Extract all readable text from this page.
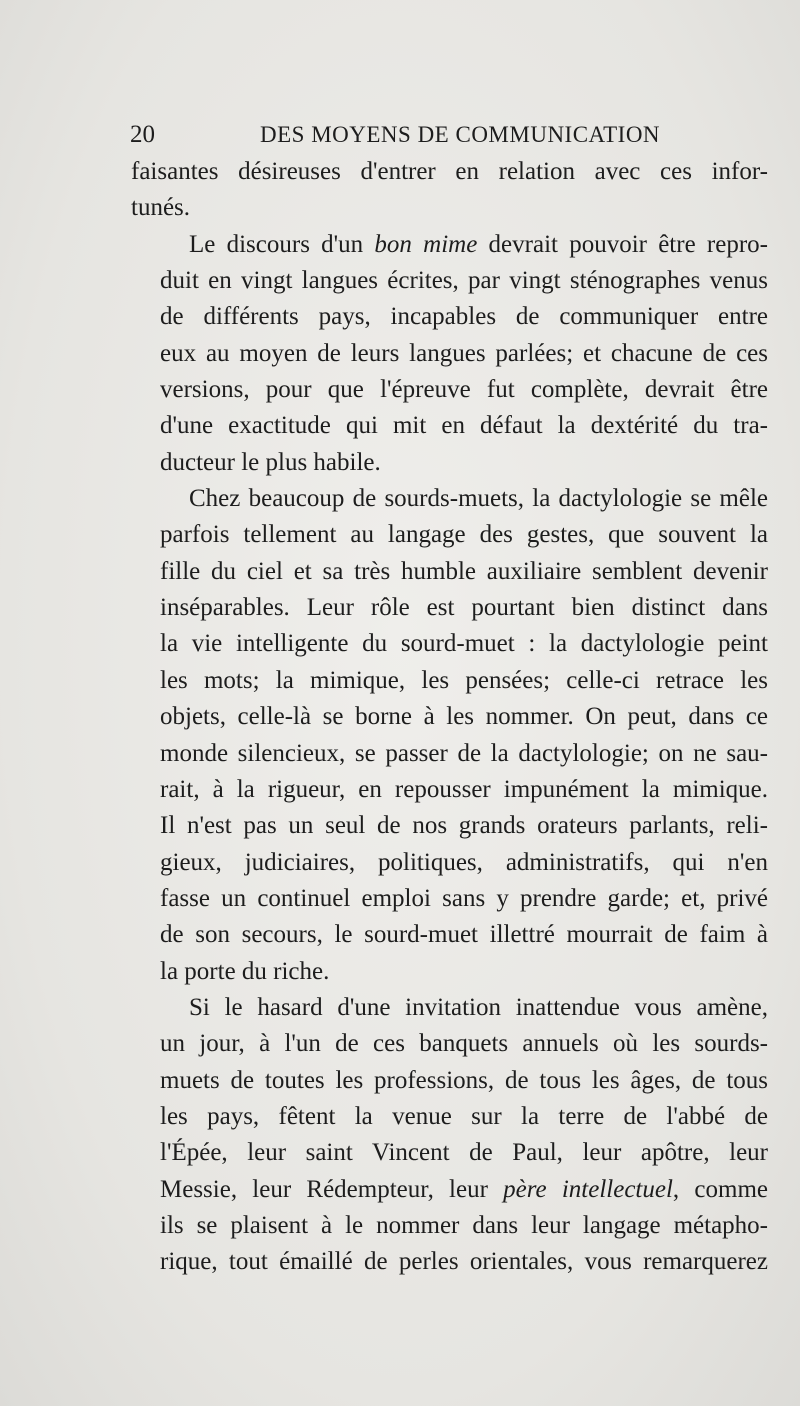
20	DES MOYENS DE COMMUNICATION

faisantes désireuses d'entrer en relation avec ces infor-
tunés.

Le discours d'un bon mime devrait pouvoir être repro-
duit en vingt langues écrites, par vingt sténographes venus
de différents pays, incapables de communiquer entre
eux au moyen de leurs langues parlées; et chacune de ces
versions, pour que l'épreuve fut complète, devrait être
d'une exactitude qui mit en défaut la dextérité du tra-
ducteur le plus habile.

Chez beaucoup de sourds-muets, la dactylologie se mêle
parfois tellement au langage des gestes, que souvent la
fille du ciel et sa très humble auxiliaire semblent devenir
inséparables. Leur rôle est pourtant bien distinct dans
la vie intelligente du sourd-muet : la dactylologie peint
les mots; la mimique, les pensées; celle-ci retrace les
objets, celle-là se borne à les nommer. On peut, dans ce
monde silencieux, se passer de la dactylologie; on ne sau-
rait, à la rigueur, en repousser impunément la mimique.
Il n'est pas un seul de nos grands orateurs parlants, reli-
gieux, judiciaires, politiques, administratifs, qui n'en
fasse un continuel emploi sans y prendre garde; et, privé
de son secours, le sourd-muet illettré mourrait de faim à
la porte du riche.

Si le hasard d'une invitation inattendue vous amène,
un jour, à l'un de ces banquets annuels où les sourds-
muets de toutes les professions, de tous les âges, de tous
les pays, fêtent la venue sur la terre de l'abbé de
l'Épée, leur saint Vincent de Paul, leur apôtre, leur
Messie, leur Rédempteur, leur père intellectuel, comme
ils se plaisent à le nommer dans leur langage métapho-
rique, tout émaillé de perles orientales, vous remarquerez
